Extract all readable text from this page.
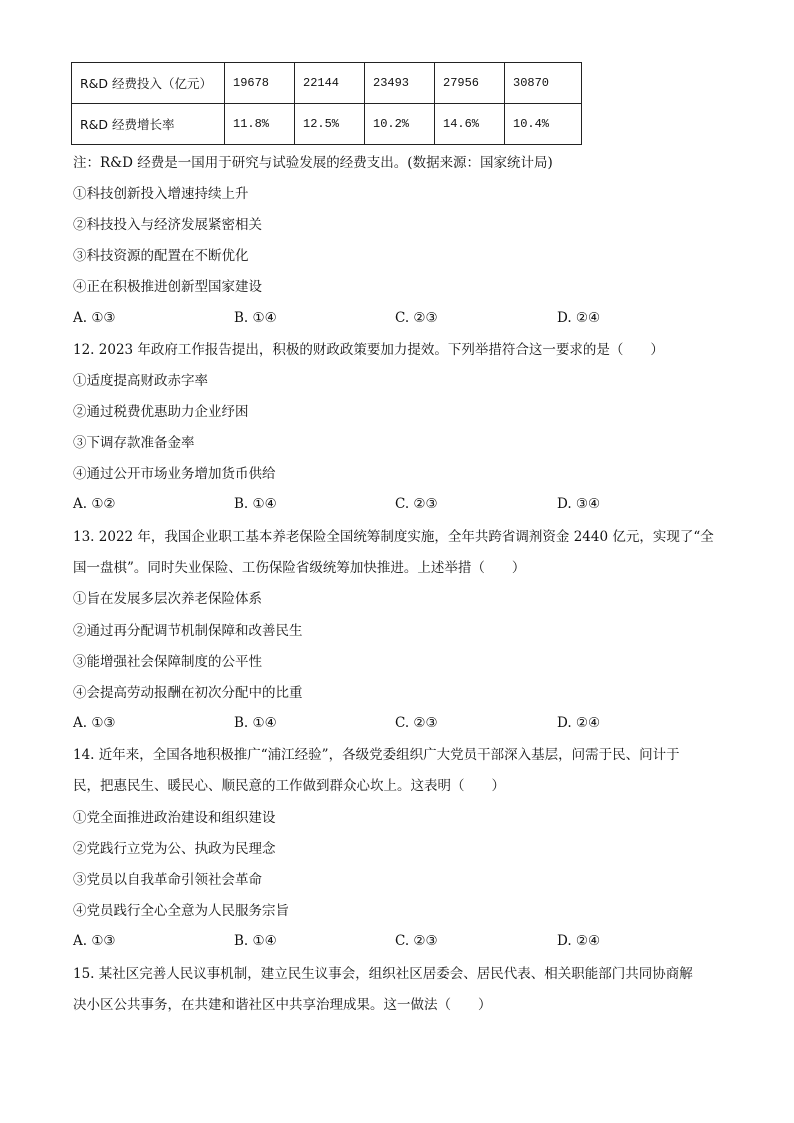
R&D 经费投入（亿元）	19678	22144	23493	27956	30870
R&D 经费增长率	11.8%	12.5%	10.2%	14.6%	10.4%
注：R&D 经费是一国用于研究与试验发展的经费支出。(数据来源：国家统计局)
①科技创新投入增速持续上升
②科技投入与经济发展紧密相关
③科技资源的配置在不断优化
④正在积极推进创新型国家建设
A. ①③	B. ①④	C. ②③	D. ②④
12. 2023 年政府工作报告提出，积极的财政政策要加力提效。下列举措符合这一要求的是（　　）
①适度提高财政赤字率
②通过税费优惠助力企业纾困
③下调存款准备金率
④通过公开市场业务增加货币供给
A. ①②	B. ①④	C. ②③	D. ③④
13. 2022 年，我国企业职工基本养老保险全国统筹制度实施，全年共跨省调剂资金 2440 亿元，实现了“全
国一盘棋”。同时失业保险、工伤保险省级统筹加快推进。上述举措（　　）
①旨在发展多层次养老保险体系
②通过再分配调节机制保障和改善民生
③能增强社会保障制度的公平性
④会提高劳动报酬在初次分配中的比重
A. ①③	B. ①④	C. ②③	D. ②④
14. 近年来，全国各地积极推广“浦江经验”，各级党委组织广大党员干部深入基层，问需于民、问计于
民，把惠民生、暖民心、顺民意的工作做到群众心坎上。这表明（　　）
①党全面推进政治建设和组织建设
②党践行立党为公、执政为民理念
③党员以自我革命引领社会革命
④党员践行全心全意为人民服务宗旨
A. ①③	B. ①④	C. ②③	D. ②④
15. 某社区完善人民议事机制，建立民生议事会，组织社区居委会、居民代表、相关职能部门共同协商解
决小区公共事务，在共建和谐社区中共享治理成果。这一做法（　　）
